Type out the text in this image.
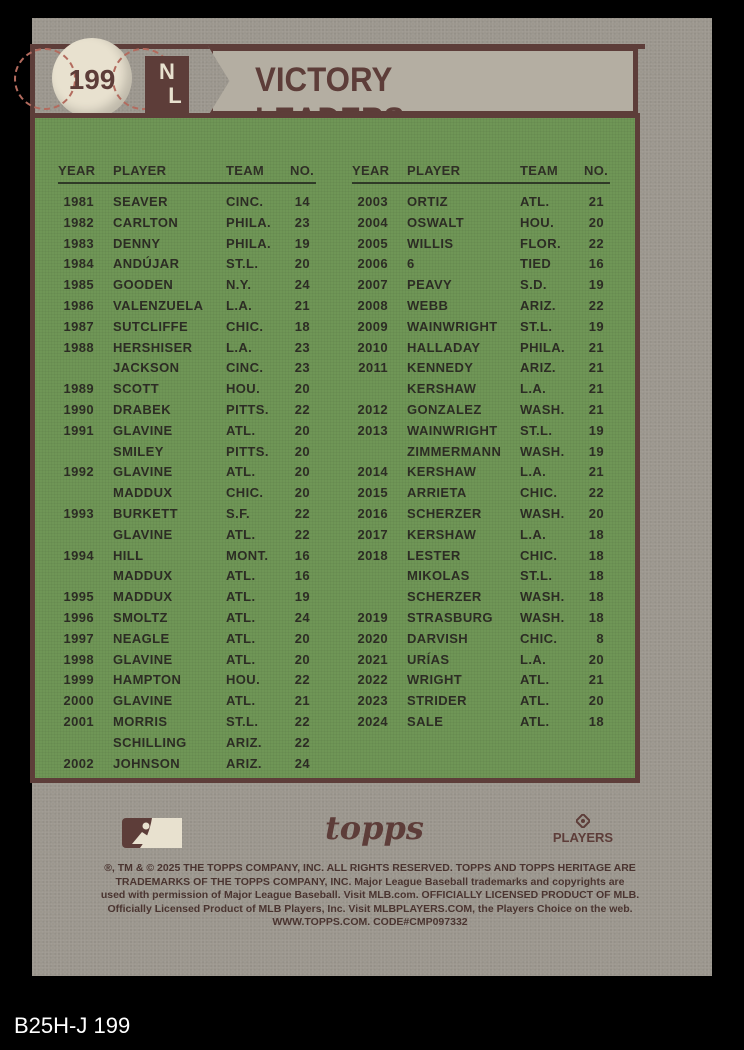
VICTORY
199	N
L
YEAR PLAYER	TEAM NO.
1981 SEAVER	CINC.	14
1982 CARLTON	PHILA.	23
1983 DENNY	PHILA.	19
1984 ANDÚJAR	ST.L.	20
1985 GOODEN	N.Y.	24
1986 VALENZUELA L.A.	21
1987 SUTCLIFFE	CHIC.	18
1988 HERSHISER	L.A.	23
JACKSON	CINC.	23
1989 SCOTT	HOU.	20
1990 DRABEK	PITTS.	22
1991 GLAVINE	ATL.	20
SMILEY	PITTS.	20
1992 GLAVINE	ATL.	20
MADDUX	CHIC.	20
1993 BURKETT	S.F.	22
GLAVINE	ATL.	22
1994 HILL	MONT.	16
MADDUX	ATL.	16
1995 MADDUX	ATL.	19
1996 SMOLTZ	ATL.	24
1997 NEAGLE	ATL.	20
1998 GLAVINE	ATL.	20
1999 HAMPTON	HOU.	22
2000 GLAVINE	ATL.	21
2001 MORRIS	ST.L.	22
SCHILLING	ARIZ.	22
2002 JOHNSON	ARIZ.	24
YEAR PLAYER	TEAM NO.
2003 ORTIZ	ATL.	21
2004 OSWALT	HOU.	20
2005 WILLIS	FLOR.	22
2006 6	TIED	16
2007 PEAVY	S.D.	19
2008 WEBB	ARIZ.	22
2009 WAINWRIGHT ST.L.	19
2010 HALLADAY	PHILA.	21
2011 KENNEDY	ARIZ.	21
KERSHAW	L.A.	21
2012 GONZALEZ	WASH.	21
2013 WAINWRIGHT ST.L.	19
ZIMMERMANN WASH.	19
2014 KERSHAW	L.A.	21
2015 ARRIETA	CHIC.	22
2016 SCHERZER	WASH.	20
2017 KERSHAW	L.A.	18
2018 LESTER	CHIC.	18
MIKOLAS	ST.L.	18
SCHERZER	WASH.	18
2019 STRASBURG WASH.	18
2020 DARVISH	CHIC.	8
2021 URÍAS	L.A.	20
2022 WRIGHT	ATL.	21
2023 STRIDER	ATL.	20
2024 SALE	ATL.	18
topps	PLAYERS
®, TM & © 2025 THE TOPPS COMPANY, INC. ALL RIGHTS RESERVED. TOPPS AND TOPPS HERITAGE ARE
TRADEMARKS OF THE TOPPS COMPANY, INC. Major League Baseball trademarks and copyrights are
used with permission of Major League Baseball. Visit MLB.com. OFFICIALLY LICENSED PRODUCT OF MLB.
Officially Licensed Product of MLB Players, Inc. Visit MLBPLAYERS.COM, the Players Choice on the web.
WWW.TOPPS.COM. CODE#CMP097332
B25H-J 199
